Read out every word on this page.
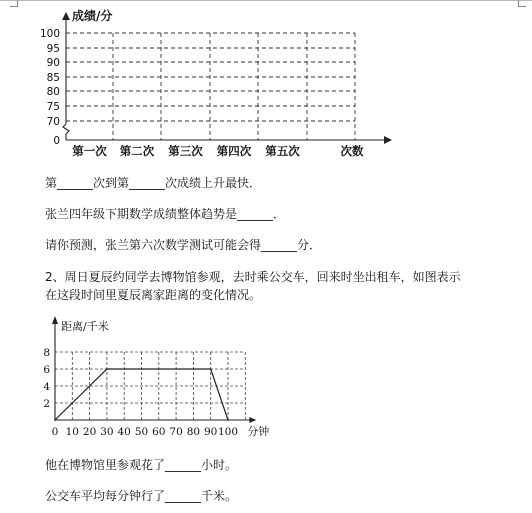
成绩/分
100
95
90
85
80
75
70
0
第一次 第二次 第三次 第四次 第五次	次数
第______次到第______次成绩上升最快．
张兰四年级下期数学成绩整体趋势是______．
请你预测，张兰第六次数学测试可能会得______分．
2、周日夏辰约同学去博物馆参观，去时乘公交车，回来时坐出租车，如图表示
在这段时间里夏辰离家距离的变化情况。
距离/千米
2
4
6
8
0 10 20 30 40 50 60 70 80 90 100 分钟
他在博物馆里参观花了______小时。
公交车平均每分钟行了______千米。
